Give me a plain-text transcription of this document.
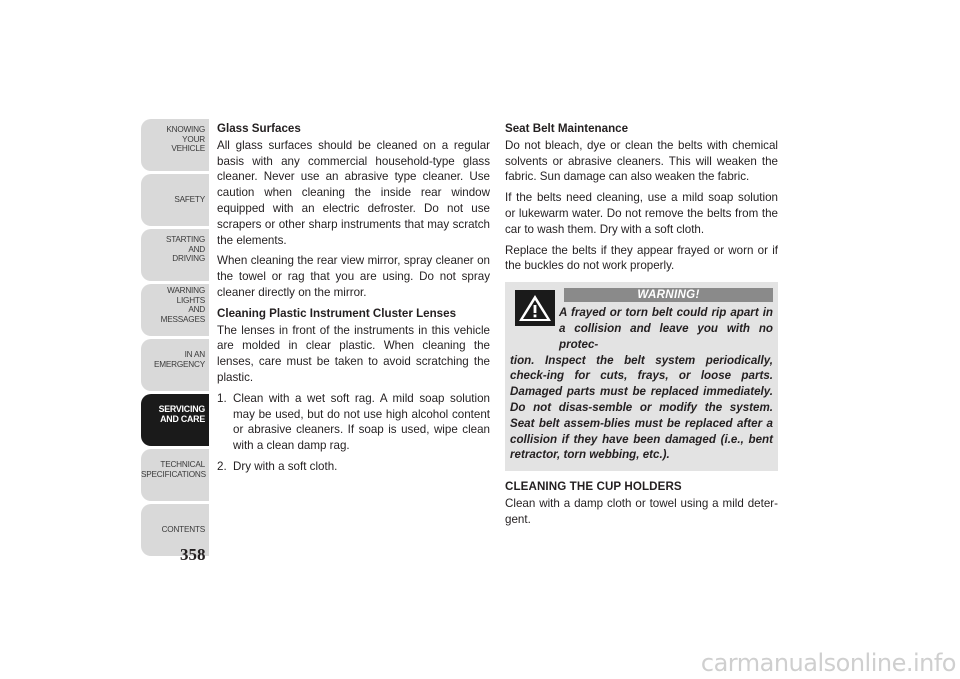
KNOWING
YOUR
VEHICLE
SAFETY
STARTING
AND
DRIVING
WARNING
LIGHTS
AND
MESSAGES
IN AN
EMERGENCY
SERVICING
AND CARE
TECHNICAL
SPECIFICATIONS
CONTENTS
358
Glass Surfaces

All glass surfaces should be cleaned on a regular basis with any commercial household-type glass cleaner. Never use an abrasive type cleaner. Use caution when cleaning the inside rear window equipped with an electric defroster. Do not use scrapers or other sharp instruments that may scratch the elements.

When cleaning the rear view mirror, spray cleaner on the towel or rag that you are using. Do not spray cleaner directly on the mirror.

Cleaning Plastic Instrument Cluster Lenses

The lenses in front of the instruments in this vehicle are molded in clear plastic. When cleaning the lenses, care must be taken to avoid scratching the plastic.

1. Clean with a wet soft rag. A mild soap solution may be used, but do not use high alcohol content or abrasive cleaners. If soap is used, wipe clean with a clean damp rag.
2. Dry with a soft cloth.
Seat Belt Maintenance

Do not bleach, dye or clean the belts with chemical solvents or abrasive cleaners. This will weaken the fabric. Sun damage can also weaken the fabric.

If the belts need cleaning, use a mild soap solution or lukewarm water. Do not remove the belts from the car to wash them. Dry with a soft cloth.

Replace the belts if they appear frayed or worn or if the buckles do not work properly.

WARNING!
A frayed or torn belt could rip apart in a collision and leave you with no protec-
tion. Inspect the belt system periodically, check-ing for cuts, frays, or loose parts. Damaged parts must be replaced immediately. Do not disas-semble or modify the system. Seat belt assem-blies must be replaced after a collision if they have been damaged (i.e., bent retractor, torn webbing, etc.).
CLEANING THE CUP HOLDERS

Clean with a damp cloth or towel using a mild deter-gent.

carmanualsonline.info
